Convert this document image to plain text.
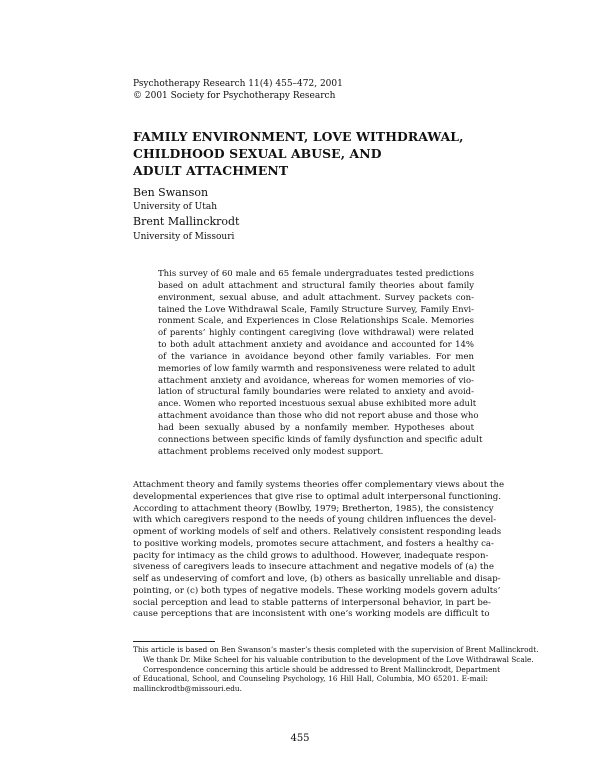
Psychotherapy Research 11(4) 455–472, 2001
© 2001 Society for Psychotherapy Research
FAMILY ENVIRONMENT, LOVE WITHDRAWAL,
CHILDHOOD SEXUAL ABUSE, AND
ADULT ATTACHMENT
Ben Swanson
University of Utah
Brent Mallinckrodt
University of Missouri
This survey of 60 male and 65 female undergraduates tested predictions
based on adult attachment and structural family theories about family
environment, sexual abuse, and adult attachment. Survey packets con-
tained the Love Withdrawal Scale, Family Structure Survey, Family Envi-
ronment Scale, and Experiences in Close Relationships Scale. Memories
of parents’ highly contingent caregiving (love withdrawal) were related
to both adult attachment anxiety and avoidance and accounted for 14%
of the variance in avoidance beyond other family variables. For men
memories of low family warmth and responsiveness were related to adult
attachment anxiety and avoidance, whereas for women memories of vio-
lation of structural family boundaries were related to anxiety and avoid-
ance. Women who reported incestuous sexual abuse exhibited more adult
attachment avoidance than those who did not report abuse and those who
had been sexually abused by a nonfamily member. Hypotheses about
connections between specific kinds of family dysfunction and specific adult
attachment problems received only modest support.
Attachment theory and family systems theories offer complementary views about the
developmental experiences that give rise to optimal adult interpersonal functioning.
According to attachment theory (Bowlby, 1979; Bretherton, 1985), the consistency
with which caregivers respond to the needs of young children influences the devel-
opment of working models of self and others. Relatively consistent responding leads
to positive working models, promotes secure attachment, and fosters a healthy ca-
pacity for intimacy as the child grows to adulthood. However, inadequate respon-
siveness of caregivers leads to insecure attachment and negative models of (a) the
self as undeserving of comfort and love, (b) others as basically unreliable and disap-
pointing, or (c) both types of negative models. These working models govern adults’
social perception and lead to stable patterns of interpersonal behavior, in part be-
cause perceptions that are inconsistent with one’s working models are difficult to
This article is based on Ben Swanson’s master’s thesis completed with the supervision of Brent Mallinckrodt.
We thank Dr. Mike Scheel for his valuable contribution to the development of the Love Withdrawal Scale.
Correspondence concerning this article should be addressed to Brent Mallinckrodt, Department
of Educational, School, and Counseling Psychology, 16 Hill Hall, Columbia, MO 65201. E-mail:
mallinckrodtb@missouri.edu.
455
